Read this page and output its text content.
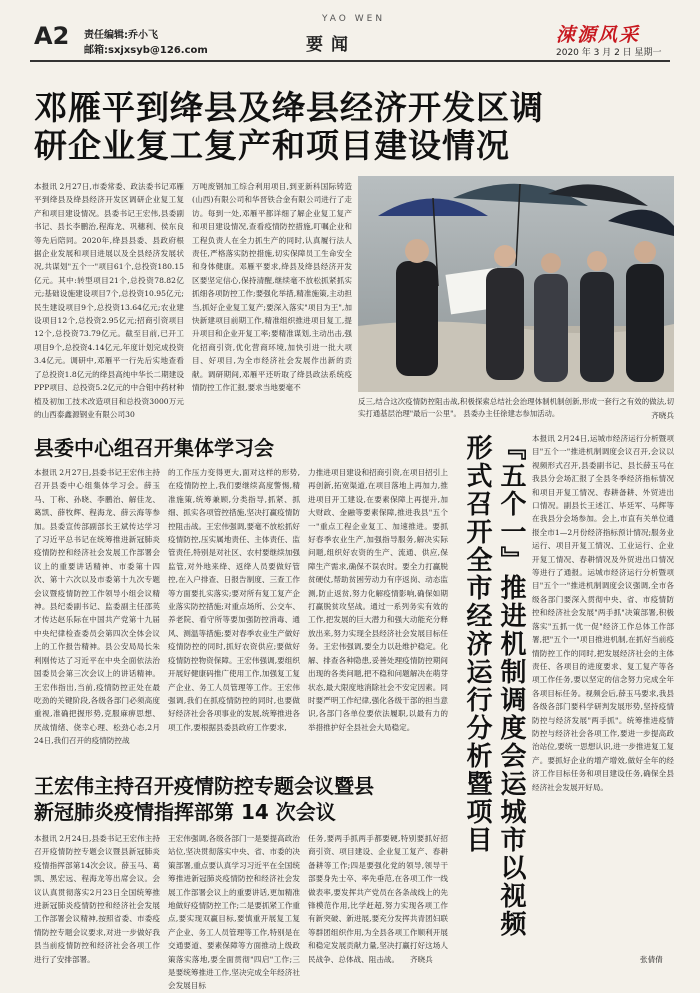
A2 责任编辑:乔小飞
邮箱:sxjxsyb@126.com
YAO WEN
要闻	涑源风采
2020 年 3 月 2 日 星期一
邓雁平到绛县及绛县经济开发区调
研企业复工复产和项目建设情况
本报讯 2月27日,市委常委、政法委书记邓雁平到绛县及绛县经济开发区调研企业复工复产和项目建设情况。县委书记王宏伟,县委副书记、县长李鹏治,程海龙、巩穗利、侯东良等先后陪同。2020年,绛县县委、县政府根据企业发展和项目进展以及全县经济发展状况,共谋划"五个一"项目61个,总投资180.15亿元。其中:转型项目21个,总投资78.82亿元;基础设施建设项目7个,总投资10.95亿元;民生建设项目9个,总投资13.64亿元;农业建设项目12个,总投资2.95亿元;招商引资项目12个,总投资73.79亿元。截至目前,已开工项目9个,总投资4.14亿元,年度计划完成投资3.4亿元。调研中,邓雁平一行先后实地查看了总投资1.8亿元的绛县高纯中华长二期建设PPP项目、总投资5.2亿元的中合钼中药材种植及初加工技术改造项目和总投资3000万元的山西泰鑫源钢业有限公司30
万吨废钢加工综合利用项目,到亚新科国际铸造(山西)有限公司和华晋铁合金有限公司进行了走访。每到一处,邓雁平都详细了解企业复工复产和项目建设情况,查看疫情防控措施,叮嘱企业和工程负责人在全力抓生产的同时,认真履行法人责任,严格落实防控措施,切实保障员工生命安全和身体健康。邓雁平要求,绛县及绛县经济开发区要坚定信心,保持清醒,继续毫不放松抓紧抓实抓细各项防控工作;要强化举措,精准施策,主动担当,抓好企业复工复产;要深入落实"项目为王",加快新建项目前期工作,精准组织推进项目复工,提升项目和企业开复工率;要精准谋划,主动出击,强化招商引资,优化营商环境,加快引进一批大项目、好项目,为全市经济社会发展作出新的贡献。调研期间,邓雁平还听取了绛县政法系统疫情防控工作汇报,要求当地要毫不
反三,结合这次疫情防控阻击战,积极探索总结社会治理体制机制创新,形成一套行之有效的做法,切实打通基层治理"最后一公里"。 县委办主任徐建志参加活动。	齐晓兵
县委中心组召开集体学习会
本报讯 2月27日,县委书记王宏伟主持召开县委中心组集体学习会。薛玉马、丁称、孙晓、李鹏治、解佳龙、葛凯、薛牧辉、程海龙、薛云海等参加。县委宣传部副部长王斌传达学习了习近平总书记在统筹推进新冠肺炎疫情防控和经济社会发展工作部署会议上的重要讲话精神、市委第十四次、第十六次以及市委第十九次专题会议暨疫情防控工作领导小组会议精神。县纪委副书记、监委副主任邵英才传达赵乐际在中国共产党第十九届中央纪律检查委员会第四次全体会议上的工作报告精神。县公安局局长朱利刚传达了习近平在中央全面依法治国委员会第三次会议上的讲话精神。王宏伟指出,当前,疫情防控正处在最吃劲的关键阶段,各级各部门必须高度重视,准确把握形势,克服麻痹思想、厌战情绪、侥幸心理、松劲心态,2月24日,我们召开的疫情防控战
的工作压力变得更大,面对这样的形势,在疫情防控上,我们要继续高度警惕,精准施策,统筹兼顾,分类指导,抓紧、抓细、抓实各项管控措施,坚决打赢疫情防控阻击战。王宏伟强调,要毫不放松抓好疫情防控,压实属地责任、主体责任、监管责任,特别是对社区、农村要继续加强监管,对外地来绛、返绛人员要做好管控,在入户排查、日报告制度、三查工作等方面要扎实落实;要对所有复工复产企业落实防控措施;对重点场所、公交车、养老院、看守所等要加强防控消毒、通风、测温等措施;要对春季农业生产做好疫情防控的同时,抓好农资供应;要做好疫情防控物资保障。王宏伟强调,要组织开展好健康码推广使用工作,加强复工复产企业、务工人员管理等工作。王宏伟强调,我们在抓疫情防控的同时,也要做好经济社会各项事业的发展,统筹推进各项工作,要根据县委县政府工作要求,
力推进项目建设和招商引资,在项目招引上再创新,拓宽渠道,在项目落地上再加力,推进项目开工建设,在要素保障上再提升,加大财政、金融等要素保障,推进我县"五个一"重点工程企业复工、加速推进。要抓好春季农业生产,加强指导服务,解决实际问题,组织好农资的生产、流通、供应,保障生产需求,确保不误农时。要全力打赢脱贫硬仗,帮助贫困劳动力有序返岗、动态监测,防止返贫,努力化解疫情影响,确保如期打赢脱贫攻坚战。通过一系列务实有效的工作,把发展的巨大潜力和强大动能充分释放出来,努力实现全县经济社会发展目标任务。王宏伟强调,要全力以赴维护稳定。化解、排查各种隐患,妥善处理疫情防控期间出现的各类问题,把不稳和问题解决在萌芽状态,最大限度地消除社会不安定因素。同时要严明工作纪律,强化各级干部的担当意识,各部门各单位要依法履职,以最有力的举措推护好全县社会大局稳定。	『五个一』推进机制调度会运城市以视频形式召开全市经济运行分析暨项目	本报讯 2月24日,运城市经济运行分析暨项目"五个一"推进机制调度会议召开,会议以视频形式召开,县委副书记、县长薛玉马在我县分会场汇报了全县冬季经济指标情况和项目开复工情况、春耕备耕、外贸进出口情况。副县长王述江、毕廷军、马辉等在我县分会场参加。会上,市直有关单位通报全市1—2月份经济指标预计情况;服务业运行、项目开复工情况、工业运行、企业开复工情况、春耕情况及外贸进出口情况等进行了通报。运城市经济运行分析暨项目"五个一"推进机制调度会议强调,全市各级各部门要深入贯彻中央、省、市疫情防控和经济社会发展"两手抓"决策部署,积极落实"五抓一优一促"经济工作总体工作部署,把"五个一"项目推进机制,在抓好当前疫情防控工作的同时,把发展经济社会的主体责任、各项目的进度要求、复工复产等各项工作任务,要以坚定的信念努力完成全年各项目标任务。视频会后,薛玉马要求,我县各级各部门要科学研判发展形势,坚持疫情防控与经济发展"两手抓"。统筹推进疫情防控与经济社会各项工作,要进一步提高政治站位,要统一思想认识,进一步推进复工复产。要抓好企业的增产增效,做好全年的经济工作目标任务和项目建设任务,确保全县经济社会发展开好局。
张倩倩
王宏伟主持召开疫情防控专题会议暨县
新冠肺炎疫情指挥部第 14 次会议
本报讯 2月24日,县委书记王宏伟主持召开疫情防控专题会议暨县新冠肺炎疫情指挥部第14次会议。薛玉马、葛凯、黑宏远、程海龙等出席会议。会议认真贯彻落实2月23日全国统筹推进新冠肺炎疫情防控和经济社会发展工作部署会议精神,按照省委、市委疫情防控专题会议要求,对进一步做好我县当前疫情防控和经济社会各项工作进行了安排部署。
王宏伟强调,各级各部门一是要提高政治站位,坚决贯彻落实中央、省、市委的决策部署,重点要认真学习习近平在全国统筹推进新冠肺炎疫情防控和经济社会发展工作部署会议上的重要讲话,更加精准地做好疫情防控工作;二是要抓紧工作重点,要实现双赢目标,要慎重开展复工复产企业、务工人员管理等工作,特别是在交通要道、要素保障等方面推动上级政策落实落地,要全面贯彻"四启"工作;三是要统筹推进工作,坚决完成全年经济社会发展目标
任务,要两手抓两手都要硬,特别要抓好招商引资、项目建设、企业复工复产、春耕备耕等工作;四是要强化党的领导,领导干部要身先士卒、率先垂范,在各项工作一线做表率,要发挥共产党员在各条战线上的先锋模范作用,比学赶超,努力实现各项工作有新突破、新进展,要充分发挥共青团妇联等群团组织作用,为全县各项工作顺利开展和稳定发展贡献力量,坚决打赢打好这场人民战争、总体战、阻击战。	齐晓兵
